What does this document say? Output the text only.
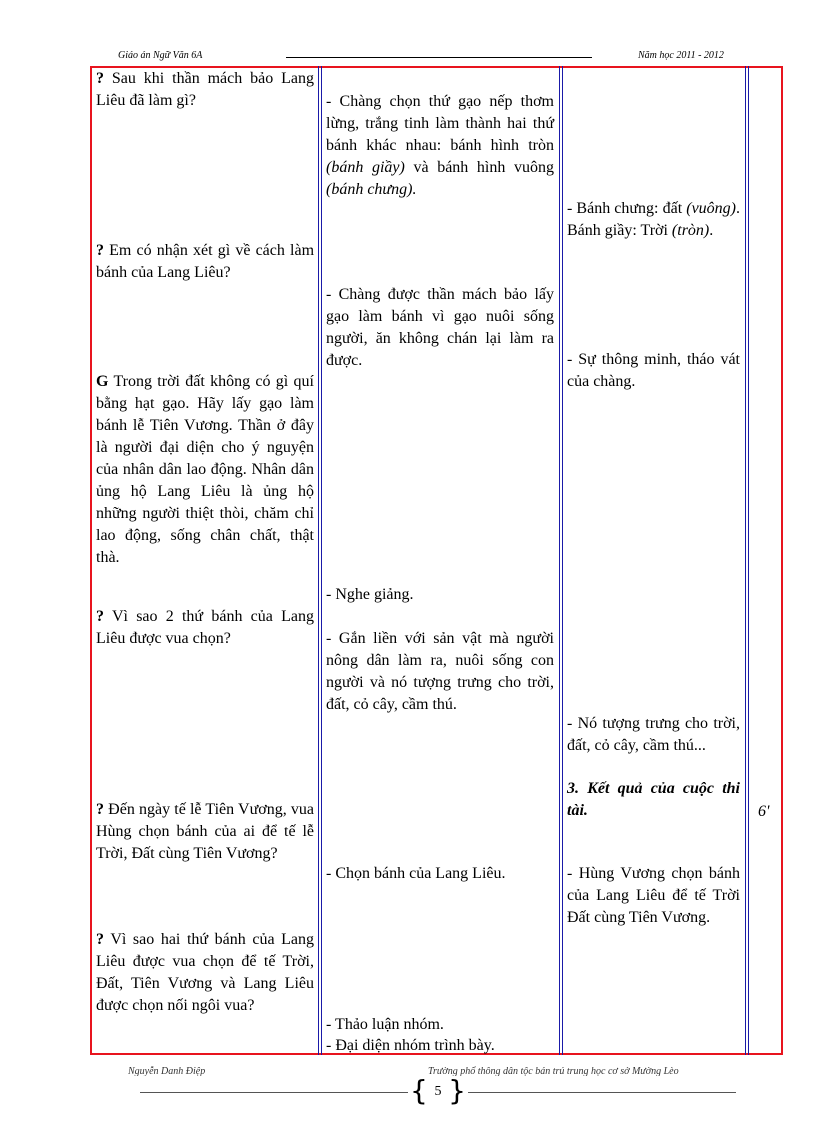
Giáo án Ngữ Văn 6A	Năm học 2011 - 2012

? Sau khi thần mách bảo Lang Liêu đã làm gì?

? Em có nhận xét gì về cách làm bánh của Lang Liêu?

G Trong trời đất không có gì quí bằng hạt gạo. Hãy lấy gạo làm bánh lễ Tiên Vương. Thần ở đây là người đại diện cho ý nguyện của nhân dân lao động. Nhân dân ủng hộ Lang Liêu là ủng hộ những người thiệt thòi, chăm chỉ lao động, sống chân chất, thật thà.

? Vì sao 2 thứ bánh của Lang Liêu được vua chọn?

? Đến ngày tế lễ Tiên Vương, vua Hùng chọn bánh của ai để tế lễ Trời, Đất cùng Tiên Vương?

? Vì sao hai thứ bánh của Lang Liêu được vua chọn để tế Trời, Đất, Tiên Vương và Lang Liêu được chọn nối ngôi vua?

- Chàng chọn thứ gạo nếp thơm lừng, trắng tinh làm thành hai thứ bánh khác nhau: bánh hình tròn (bánh giầy) và bánh hình vuông (bánh chưng).

- Chàng được thần mách bảo lấy gạo làm bánh vì gạo nuôi sống người, ăn không chán lại làm ra được.

- Nghe giảng.

- Gắn liền với sản vật mà người nông dân làm ra, nuôi sống con người và nó tượng trưng cho trời, đất, cỏ cây, cầm thú.

- Chọn bánh của Lang Liêu.

- Thảo luận nhóm.

- Đại diện nhóm trình bày.

- Bánh chưng: đất (vuông). Bánh giầy: Trời (tròn).

- Sự thông minh, tháo vát của chàng.

- Nó tượng trưng cho trời, đất, cỏ cây, cầm thú...

3. Kết quả của cuộc thi tài.

- Hùng Vương chọn bánh của Lang Liêu để tế Trời Đất cùng Tiên Vương.

6'

Nguyễn Danh Điệp	Trường phổ thông dân tộc bán trú trung học cơ sở Mường Lèo
{ 5 }
